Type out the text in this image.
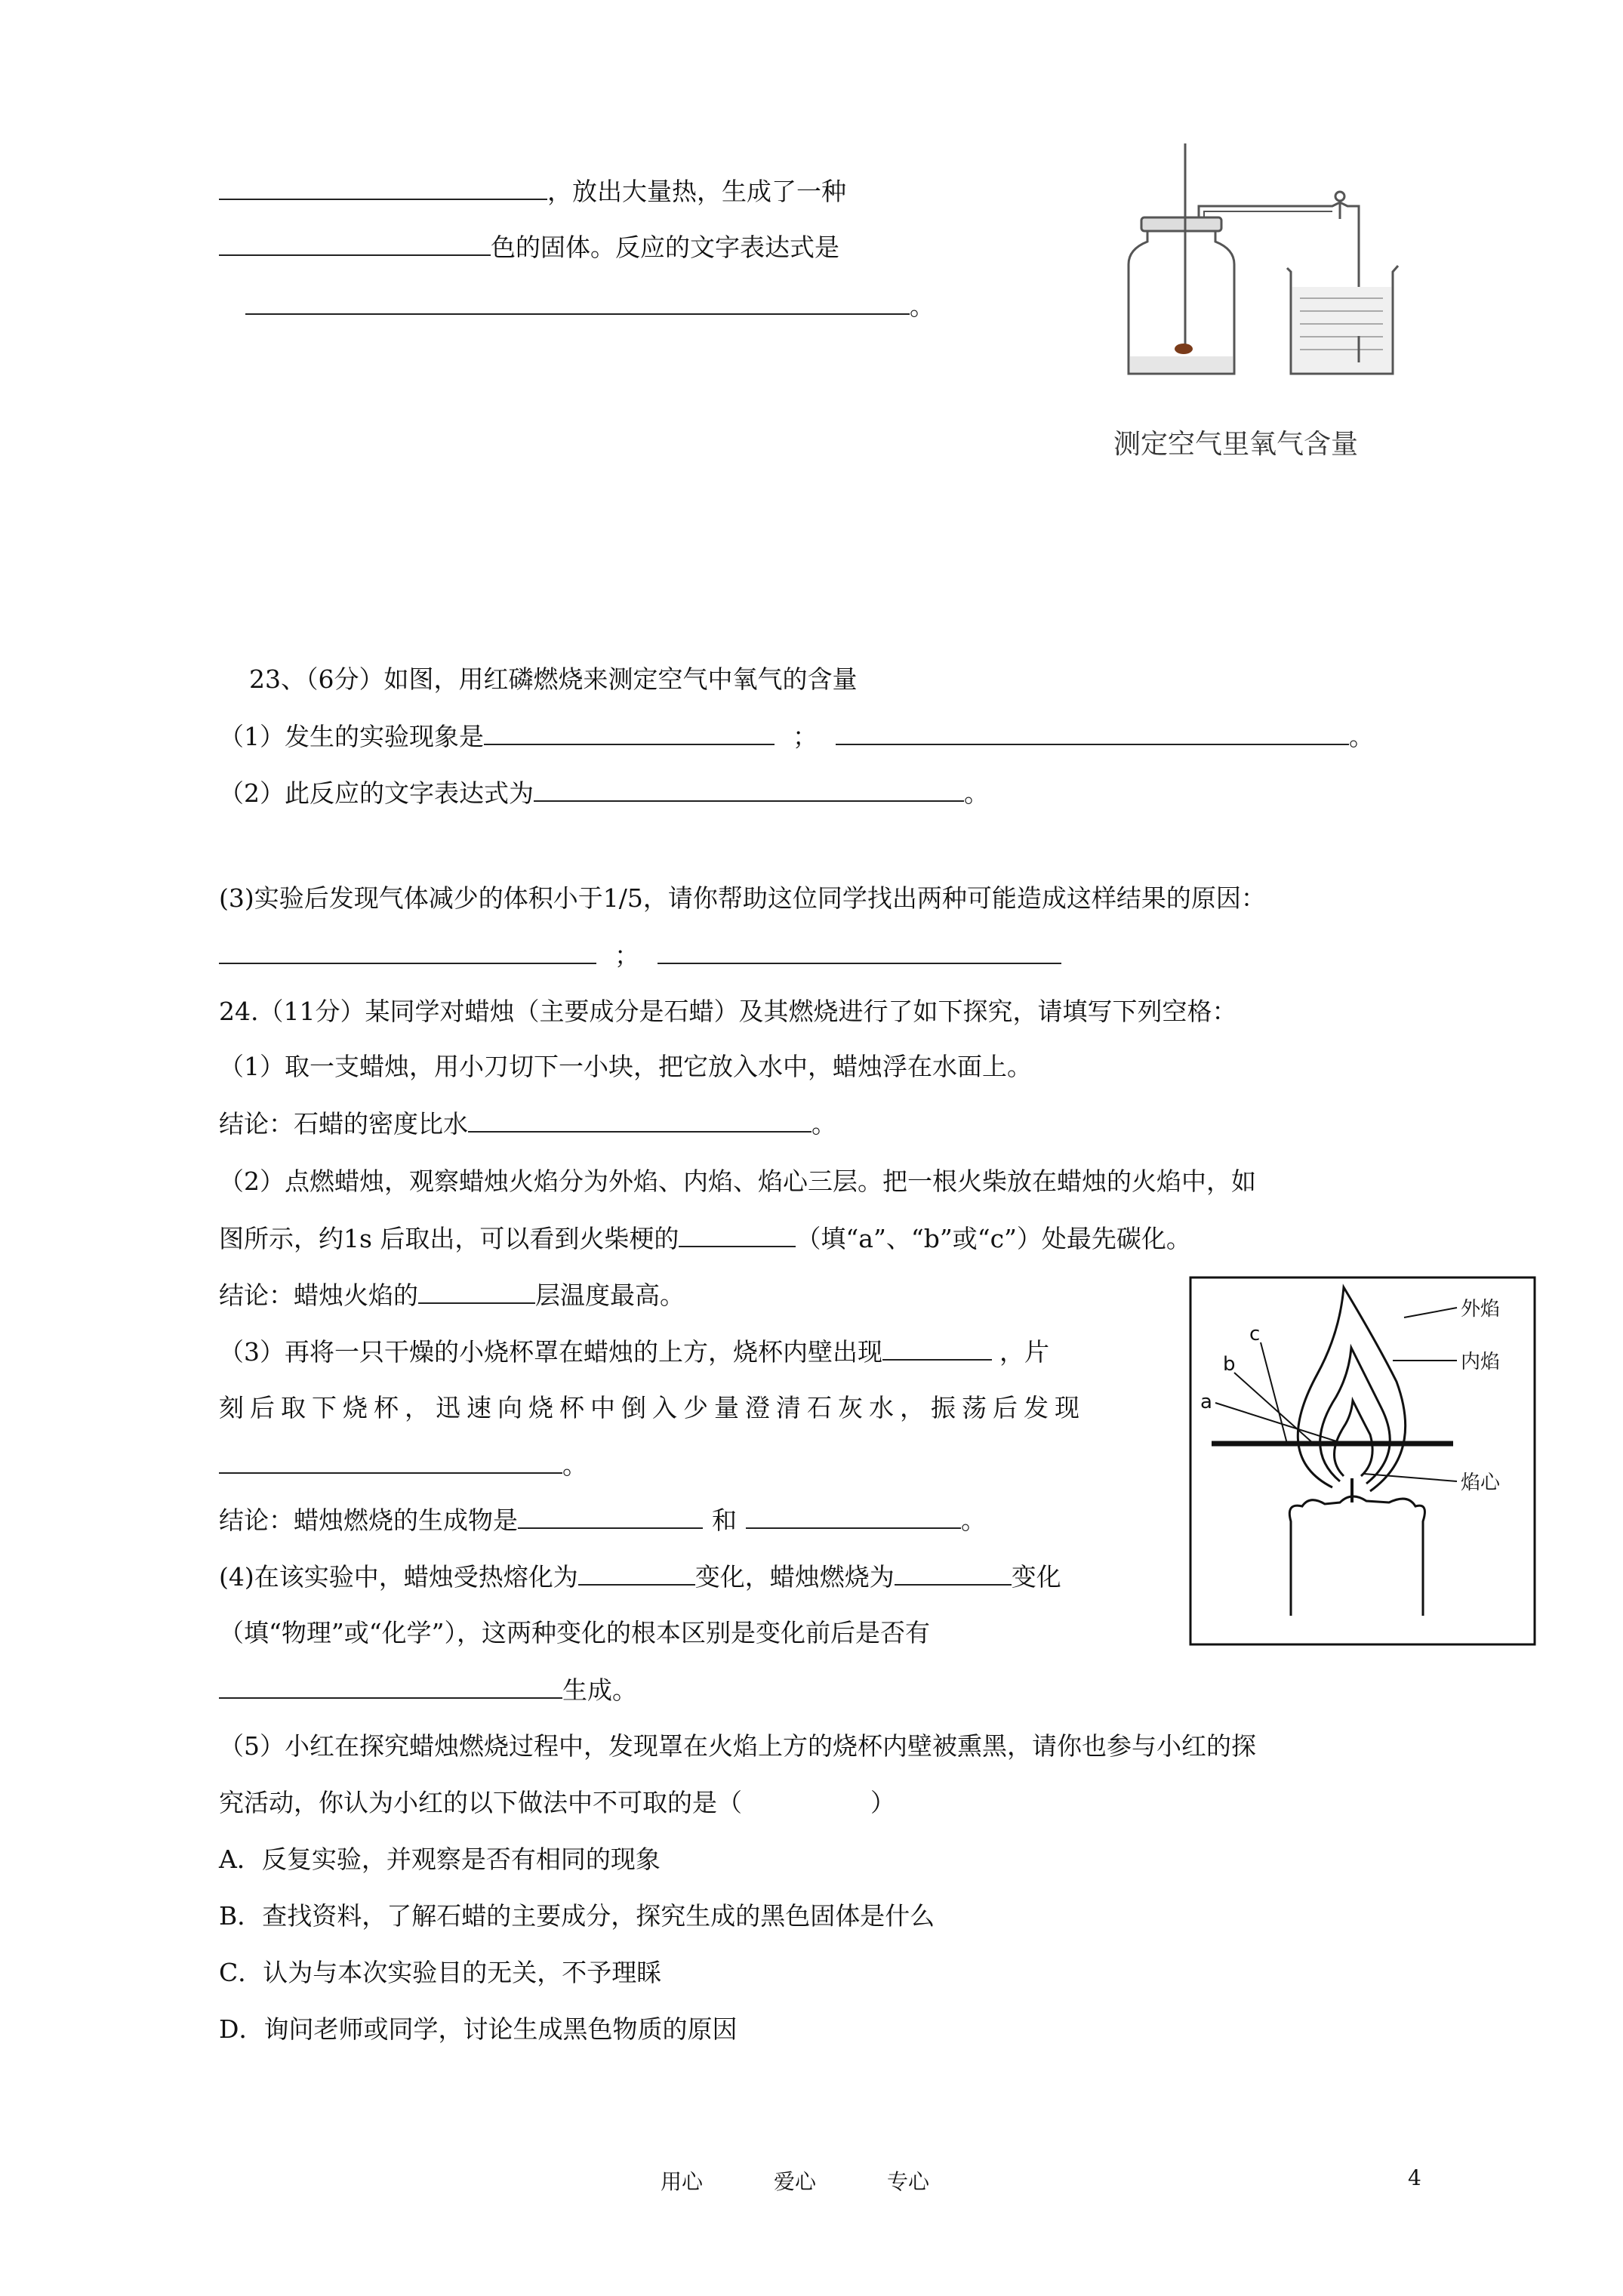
，放出大量热，生成了一种
色的固体。反应的文字表达式是
。
测定空气里氧气含量
23、（6分）如图，用红磷燃烧来测定空气中氧气的含量
（1）发生的实验现象是	；	。
（2）此反应的文字表达式为	。
(3)实验后发现气体减少的体积小于1/5，请你帮助这位同学找出两种可能造成这样结果的原因：
；
24.（11分）某同学对蜡烛（主要成分是石蜡）及其燃烧进行了如下探究，请填写下列空格：
（1）取一支蜡烛，用小刀切下一小块，把它放入水中，蜡烛浮在水面上。
结论：石蜡的密度比水	。
（2）点燃蜡烛，观察蜡烛火焰分为外焰、内焰、焰心三层。把一根火柴放在蜡烛的火焰中，如
图所示，约1s 后取出，可以看到火柴梗的	（填“a”、“b”或“c”）处最先碳化。
结论：蜡烛火焰的	层温度最高。
（3）再将一只干燥的小烧杯罩在蜡烛的上方，烧杯内壁出现	，片
刻后取下烧杯，迅速向烧杯中倒入少量澄清石灰水，振荡后发现
。
结论：蜡烛燃烧的生成物是	和	。
(4)在该实验中，蜡烛受热熔化为	变化，蜡烛燃烧为	变化
（填“物理”或“化学”），这两种变化的根本区别是变化前后是否有
生成。
（5）小红在探究蜡烛燃烧过程中，发现罩在火焰上方的烧杯内壁被熏黑，请你也参与小红的探
究活动，你认为小红的以下做法中不可取的是（	）
A．反复实验，并观察是否有相同的现象
B．查找资料，了解石蜡的主要成分，探究生成的黑色固体是什么
C．认为与本次实验目的无关，不予理睬
D．询问老师或同学，讨论生成黑色物质的原因
外焰
内焰
焰心
c
b
a
用心	爱心	专心	4
